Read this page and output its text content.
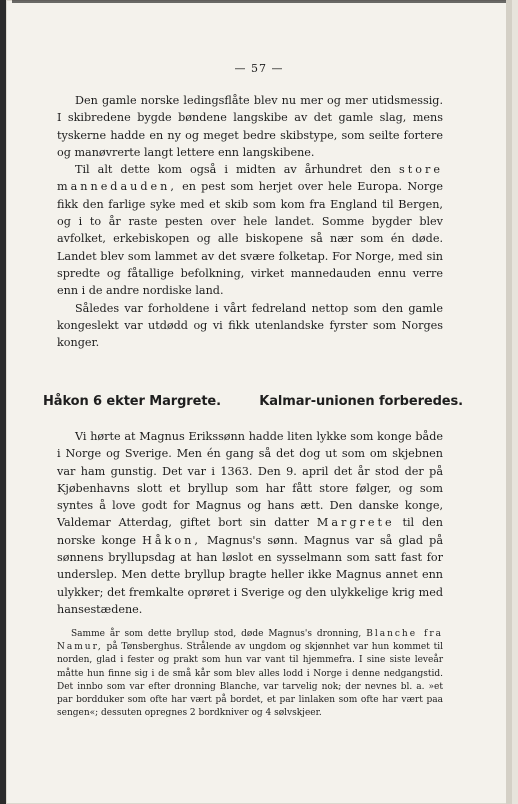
— 57 —

Den gamle norske ledingsflåte blev nu mer og mer utidsmessig. I skibredene bygde bøndene langskibe av det gamle slag, mens tyskerne hadde en ny og meget bedre skibstype, som seilte fortere og manøvrerte langt lettere enn langskibene.

Til alt dette kom også i midten av århundret den store mannedauden, en pest som herjet over hele Europa. Norge fikk den farlige syke med et skib som kom fra England til Bergen, og i to år raste pesten over hele landet. Somme bygder blev avfolket, erkebiskopen og alle biskopene så nær som én døde. Landet blev som lammet av det svære folketap. For Norge, med sin spredte og fåtallige befolkning, virket mannedauden ennu verre enn i de andre nordiske land.

Således var forholdene i vårt fedreland nettop som den gamle kongeslekt var utdødd og vi fikk utenlandske fyrster som Norges konger.

Håkon 6 ekter Margrete.	Kalmar-unionen forberedes.

Vi hørte at Magnus Erikssønn hadde liten lykke som konge både i Norge og Sverige. Men én gang så det dog ut som om skjebnen var ham gunstig. Det var i 1363. Den 9. april det år stod der på Kjøbenhavns slott et bryllup som har fått store følger, og som syntes å love godt for Magnus og hans ætt. Den danske konge, Valdemar Atterdag, giftet bort sin datter Margrete til den norske konge Håkon, Magnus's sønn. Magnus var så glad på sønnens bryllupsdag at han løslot en sysselmann som satt fast for underslep. Men dette bryllup bragte heller ikke Magnus annet enn ulykker; det fremkalte oprøret i Sverige og den ulykkelige krig med hansestædene.

Samme år som dette bryllup stod, døde Magnus's dronning, Blanche fra Namur, på Tønsberghus. Strålende av ungdom og skjønnhet var hun kommet til norden, glad i fester og prakt som hun var vant til hjemmefra. I sine siste leveår måtte hun finne sig i de små kår som blev alles lodd i Norge i denne nedgangstid. Det innbo som var efter dronning Blanche, var tarvelig nok; der nevnes bl. a. »et par bordduker som ofte har vært på bordet, et par linlaken som ofte har vært paa sengen«; dessuten opregnes 2 bordkniver og 4 sølvskjeer.
